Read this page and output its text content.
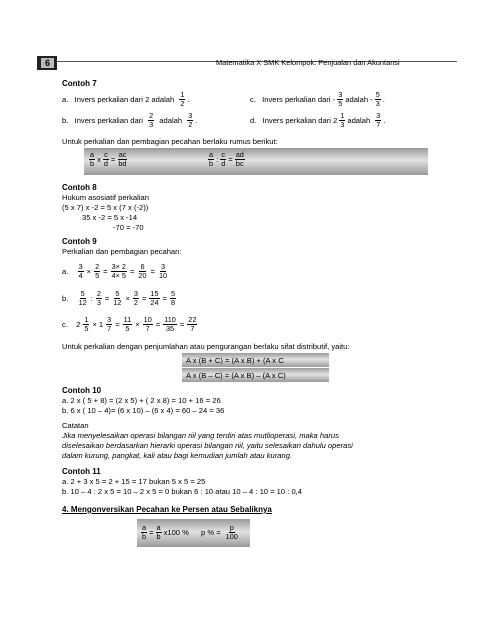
6	Matematika X SMK Kelompok: Penjualan dan Akuntansi
Contoh 7
a.
Invers perkalian dari 2 adalah
$\frac{1}{2}$ .
b.
Invers perkalian dari
$\frac{2}{3}$
adalah
$\frac{3}{2}$ .
c.
Invers perkalian dari - $\frac{3}{5}$ adalah - $\frac{5}{3}$ .
d.
Invers perkalian dari $2 \frac{1}{3}$ adalah
$\frac{3}{7}$ .
Untuk perkalian dan pembagian pecahan berlaku rumus berikut:
$\frac{a}{b}$ x $\frac{c}{d} = \frac{ac}{bd}$	$\frac{a}{b}$ : $\frac{c}{d} = \frac{ad}{bc}$
Contoh 8
Hukum asosiatif perkalian
(5 x 7) x -2 = 5 x (7 x (-2))
35 x -2 = 5 x -14
-70 = -70
Contoh 9
Perkalian dan pembagian pecahan:
a.
$\frac{3}{4} \times \frac{2}{5} = \frac{3\times 2}{4\times 5} = \frac{6}{20} = \frac{3}{10}$
b.
$\frac{5}{12}$ : $\frac{2}{3} = \frac{5}{12} \times \frac{3}{2} = \frac{15}{24} = \frac{5}{8}$
c.
$2 \frac{1}{5} \times 1 \frac{3}{7} = \frac{11}{5} \times \frac{10}{7} = \frac{110}{35} = \frac{22}{7}$
Untuk perkalian dengan penjumlahan atau pengurangan berlaku sifat distributif, yaitu:
A x (B + C) = (A x B) + (A x C
A x (B – C) = (A x B) – (A x C)
Contoh 10
a. 2 x ( 5 + 8) = (2 x 5) + ( 2 x 8) = 10 + 16 = 26
b. 6 x ( 10 – 4)= (6 x 10) – (6 x 4) = 60 – 24 = 36
Catatan
Jika menyelesaikan operasi bilangan riil yang terdiri atas mutlioperasi, maka harus
diselesaikan berdasarkan hierarki operasi bilangan riil, yaitu selesaikan dahulu operasi
dalam kurung, pangkat, kali atau bagi kemudian jumlah atau kurang.
Contoh 11
a. 2 + 3 x 5 = 2 + 15 = 17 bukan 5 x 5 = 25
b. 10 – 4 : 2 x 5 = 10 – 2 x 5 = 0 bukan 6 : 10 atau 10 – 4 : 10 = 10 : 0,4
4. Mengonversikan Pecahan ke Persen atau Sebaliknya
$\frac{a}{b} = \frac{a}{b} x100$ % p % = $\frac{p}{100}$
